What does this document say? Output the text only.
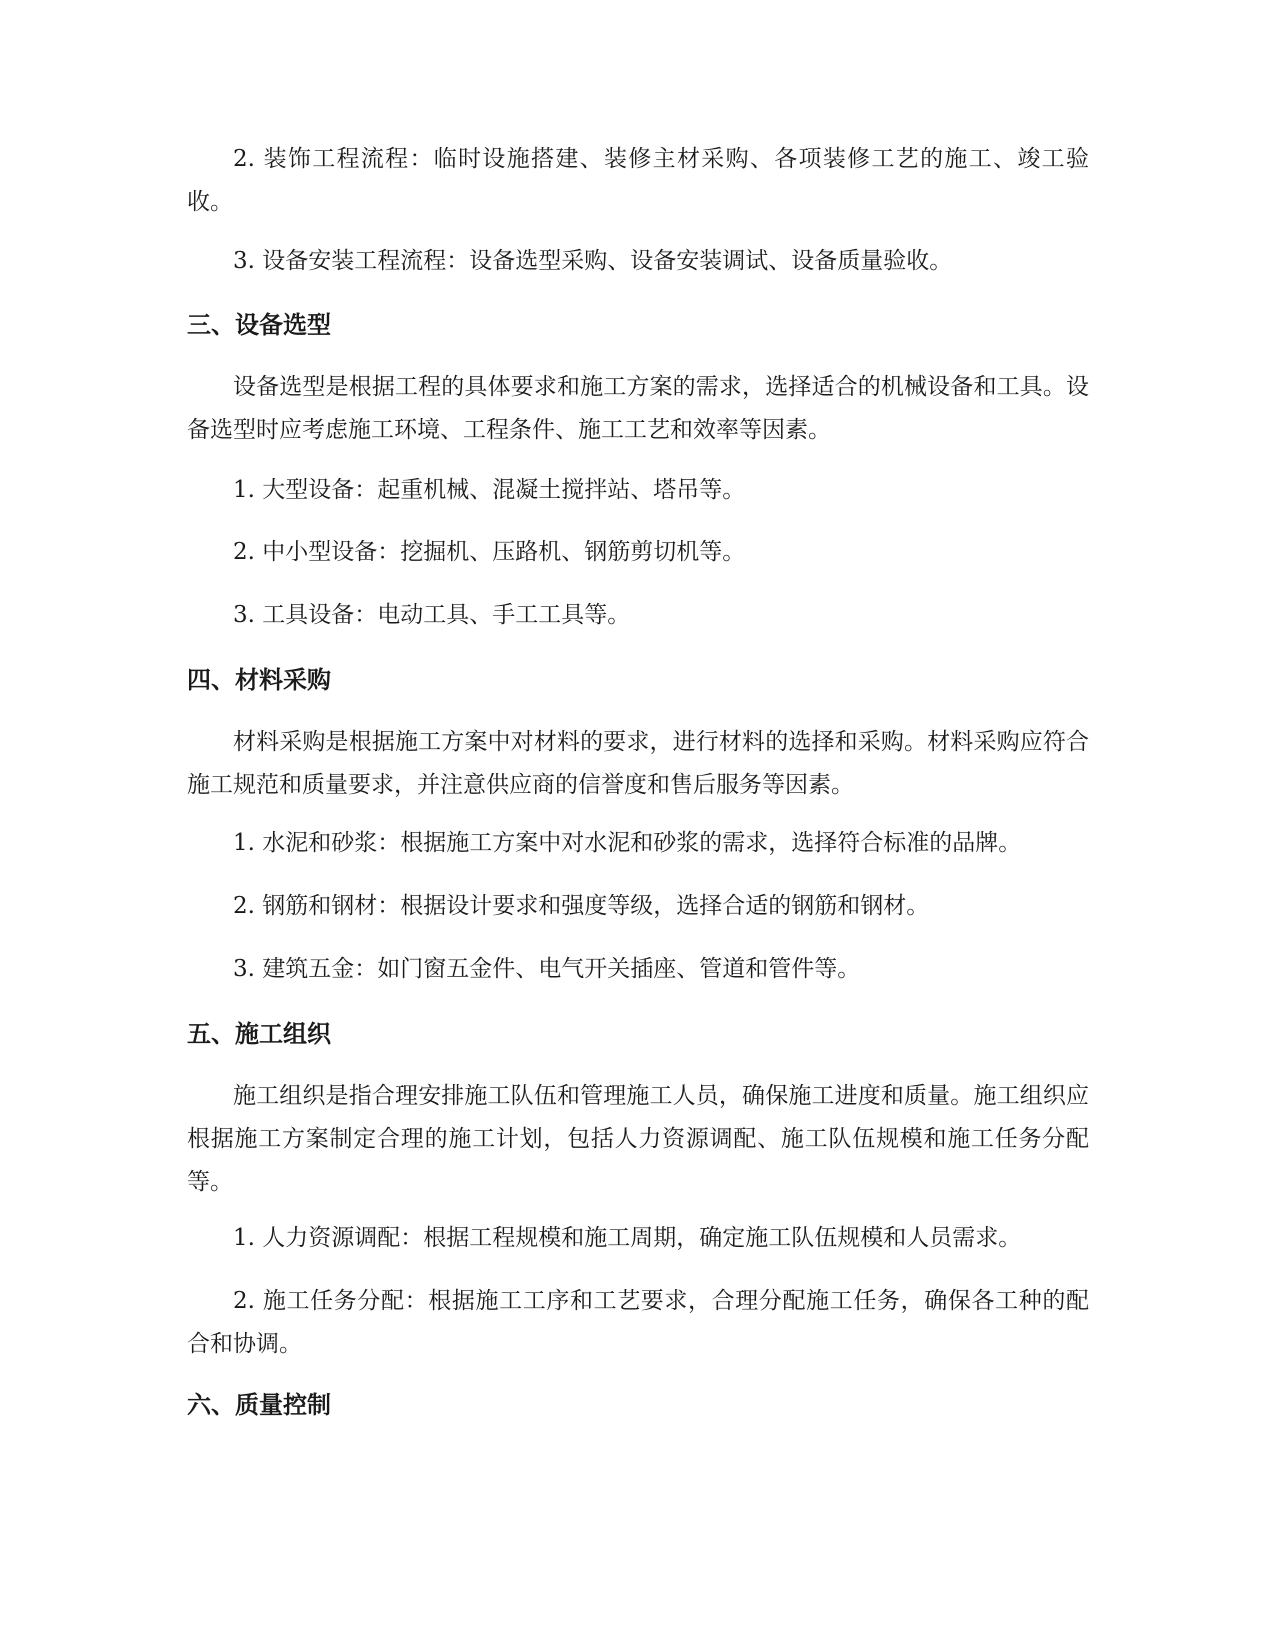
2. 装饰工程流程：临时设施搭建、装修主材采购、各项装修工艺的施工、竣工验收。

3. 设备安装工程流程：设备选型采购、设备安装调试、设备质量验收。

三、设备选型

设备选型是根据工程的具体要求和施工方案的需求，选择适合的机械设备和工具。设备选型时应考虑施工环境、工程条件、施工工艺和效率等因素。

1. 大型设备：起重机械、混凝土搅拌站、塔吊等。

2. 中小型设备：挖掘机、压路机、钢筋剪切机等。

3. 工具设备：电动工具、手工工具等。

四、材料采购

材料采购是根据施工方案中对材料的要求，进行材料的选择和采购。材料采购应符合施工规范和质量要求，并注意供应商的信誉度和售后服务等因素。

1. 水泥和砂浆：根据施工方案中对水泥和砂浆的需求，选择符合标准的品牌。

2. 钢筋和钢材：根据设计要求和强度等级，选择合适的钢筋和钢材。

3. 建筑五金：如门窗五金件、电气开关插座、管道和管件等。

五、施工组织

施工组织是指合理安排施工队伍和管理施工人员，确保施工进度和质量。施工组织应根据施工方案制定合理的施工计划，包括人力资源调配、施工队伍规模和施工任务分配等。

1. 人力资源调配：根据工程规模和施工周期，确定施工队伍规模和人员需求。

2. 施工任务分配：根据施工工序和工艺要求，合理分配施工任务，确保各工种的配合和协调。

六、质量控制
